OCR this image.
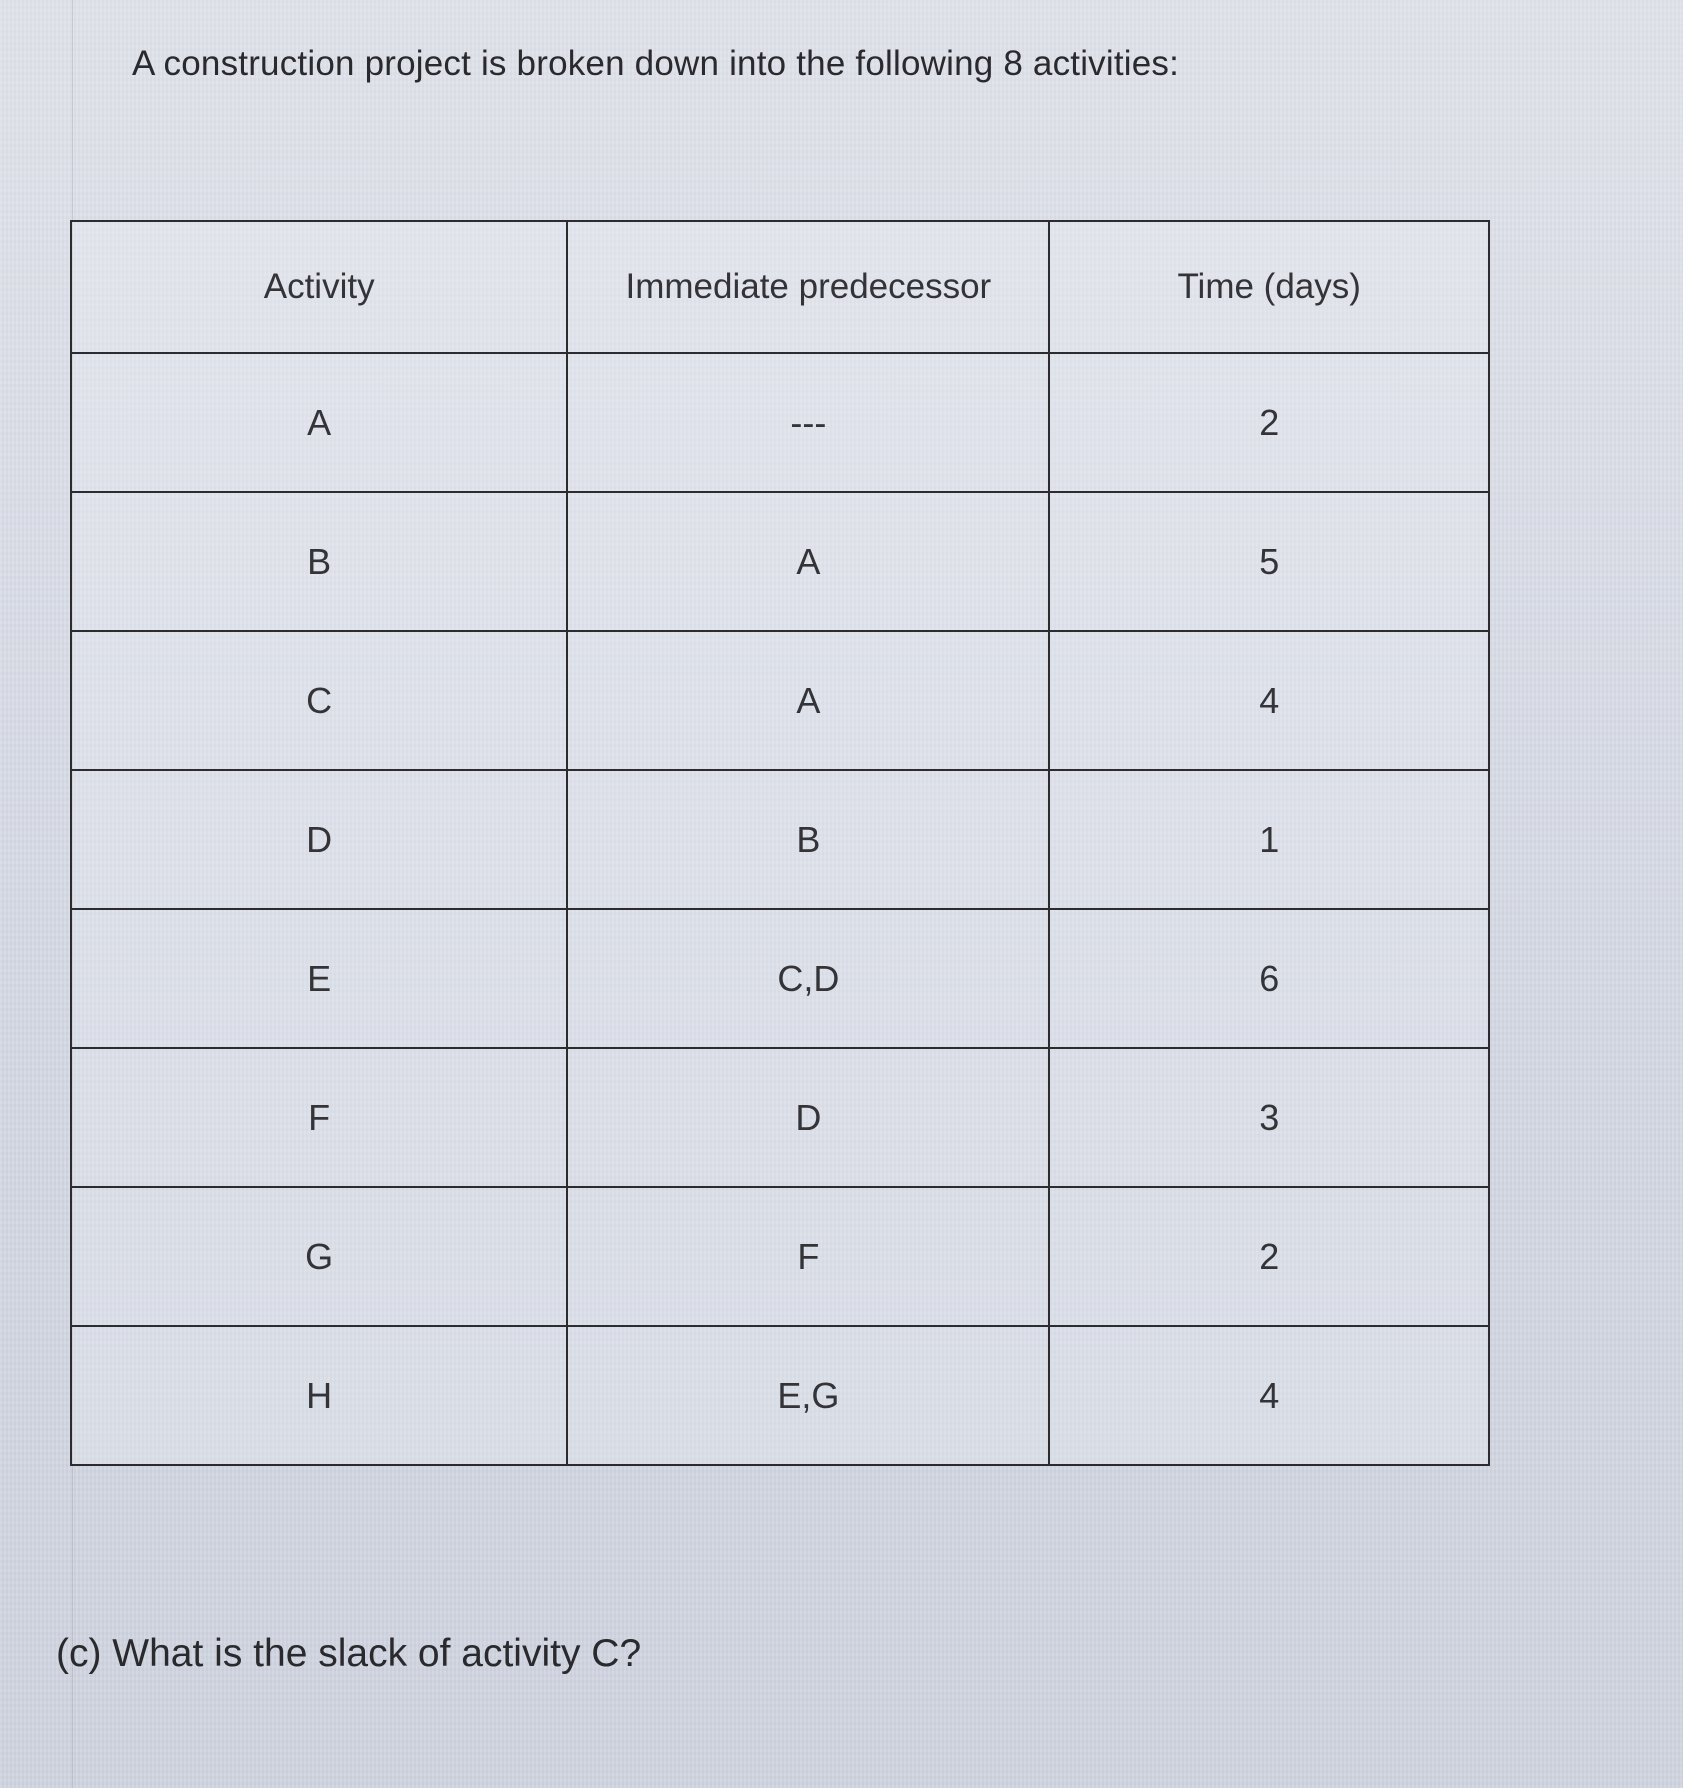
A construction project is broken down into the following 8 activities:

Activity	Immediate predecessor	Time (days)
A	---	2
B	A	5
C	A	4
D	B	1
E	C,D	6
F	D	3
G	F	2
H	E,G	4

(c) What is the slack of activity C?
